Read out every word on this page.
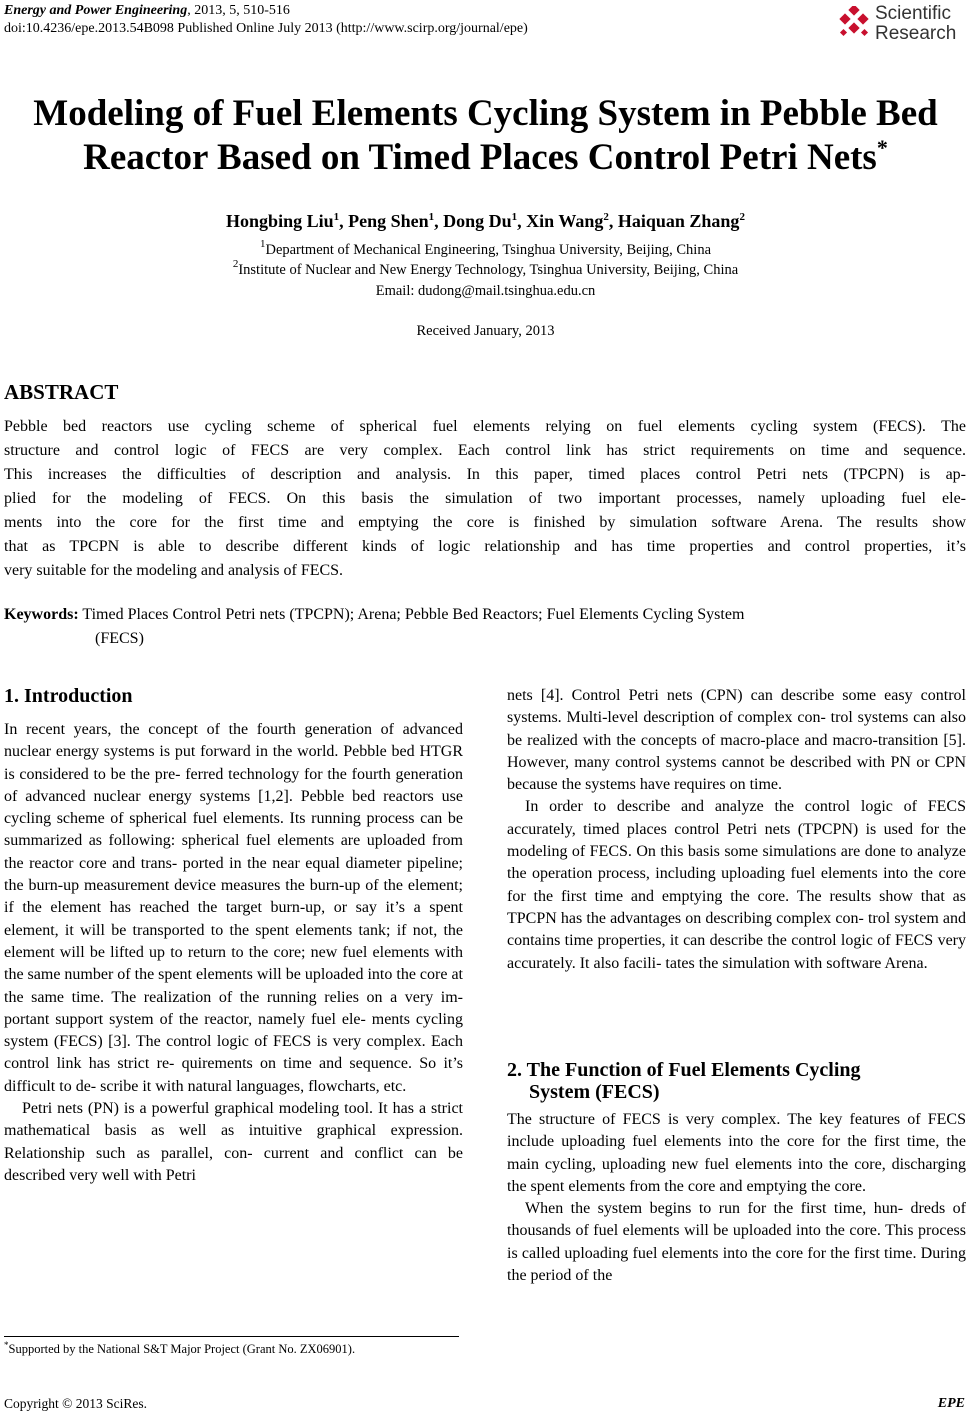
Energy and Power Engineering, 2013, 5, 510-516
doi:10.4236/epe.2013.54B098 Published Online July 2013 (http://www.scirp.org/journal/epe)
Scientific
Research
Modeling of Fuel Elements Cycling System in Pebble Bed
Reactor Based on Timed Places Control Petri Nets*
Hongbing Liu$^1$, Peng Shen$^1$, Dong Du$^1$, Xin Wang$^2$, Haiquan Zhang$^2$
$^1$Department of Mechanical Engineering, Tsinghua University, Beijing, China
$^2$Institute of Nuclear and New Energy Technology, Tsinghua University, Beijing, China
Email: dudong@mail.tsinghua.edu.cn
Received January, 2013
ABSTRACT
Pebble bed reactors use cycling scheme of spherical fuel elements relying on fuel elements cycling system (FECS). The
structure and control logic of FECS are very complex. Each control link has strict requirements on time and sequence.
This increases the difficulties of description and analysis. In this paper, timed places control Petri nets (TPCPN) is ap-
plied for the modeling of FECS. On this basis the simulation of two important processes, namely uploading fuel ele-
ments into the core for the first time and emptying the core is finished by simulation software Arena. The results show
that as TPCPN is able to describe different kinds of logic relationship and has time properties and control properties, it’s
very suitable for the modeling and analysis of FECS.
Keywords: Timed Places Control Petri nets (TPCPN); Arena; Pebble Bed Reactors; Fuel Elements Cycling System
(FECS)
1. Introduction

In recent years, the concept of the fourth generation of advanced nuclear energy systems is put forward in the world. Pebble bed HTGR is considered to be the pre- ferred technology for the fourth generation of advanced nuclear energy systems [1,2]. Pebble bed reactors use cycling scheme of spherical fuel elements. Its running process can be summarized as following: spherical fuel elements are uploaded from the reactor core and trans- ported in the near equal diameter pipeline; the burn-up measurement device measures the burn-up of the element; if the element has reached the target burn-up, or say it’s a spent element, it will be transported to the spent elements tank; if not, the element will be lifted up to return to the core; new fuel elements with the same number of the spent elements will be uploaded into the core at the same time. The realization of the running relies on a very im- portant support system of the reactor, namely fuel ele- ments cycling system (FECS) [3]. The control logic of FECS is very complex. Each control link has strict re- quirements on time and sequence. So it’s difficult to de- scribe it with natural languages, flowcharts, etc.

Petri nets (PN) is a powerful graphical modeling tool. It has a strict mathematical basis as well as intuitive graphical expression. Relationship such as parallel, con- current and conflict can be described very well with Petri

nets [4]. Control Petri nets (CPN) can describe some easy control systems. Multi-level description of complex con- trol systems can also be realized with the concepts of macro-place and macro-transition [5]. However, many control systems cannot be described with PN or CPN because the systems have requires on time.

In order to describe and analyze the control logic of FECS accurately, timed places control Petri nets (TPCPN) is used for the modeling of FECS. On this basis some simulations are done to analyze the operation process, including uploading fuel elements into the core for the first time and emptying the core. The results show that as TPCPN has the advantages on describing complex con- trol system and contains time properties, it can describe the control logic of FECS very accurately. It also facili- tates the simulation with software Arena.

2. The Function of Fuel Elements Cycling
System (FECS)

The structure of FECS is very complex. The key features of FECS include uploading fuel elements into the core for the first time, the main cycling, uploading new fuel elements into the core, discharging the spent elements from the core and emptying the core.

When the system begins to run for the first time, hun- dreds of thousands of fuel elements will be uploaded into the core. This process is called uploading fuel elements into the core for the first time. During the period of the

*Supported by the National S&T Major Project (Grant No. ZX06901).
Copyright © 2013 SciRes.	EPE
